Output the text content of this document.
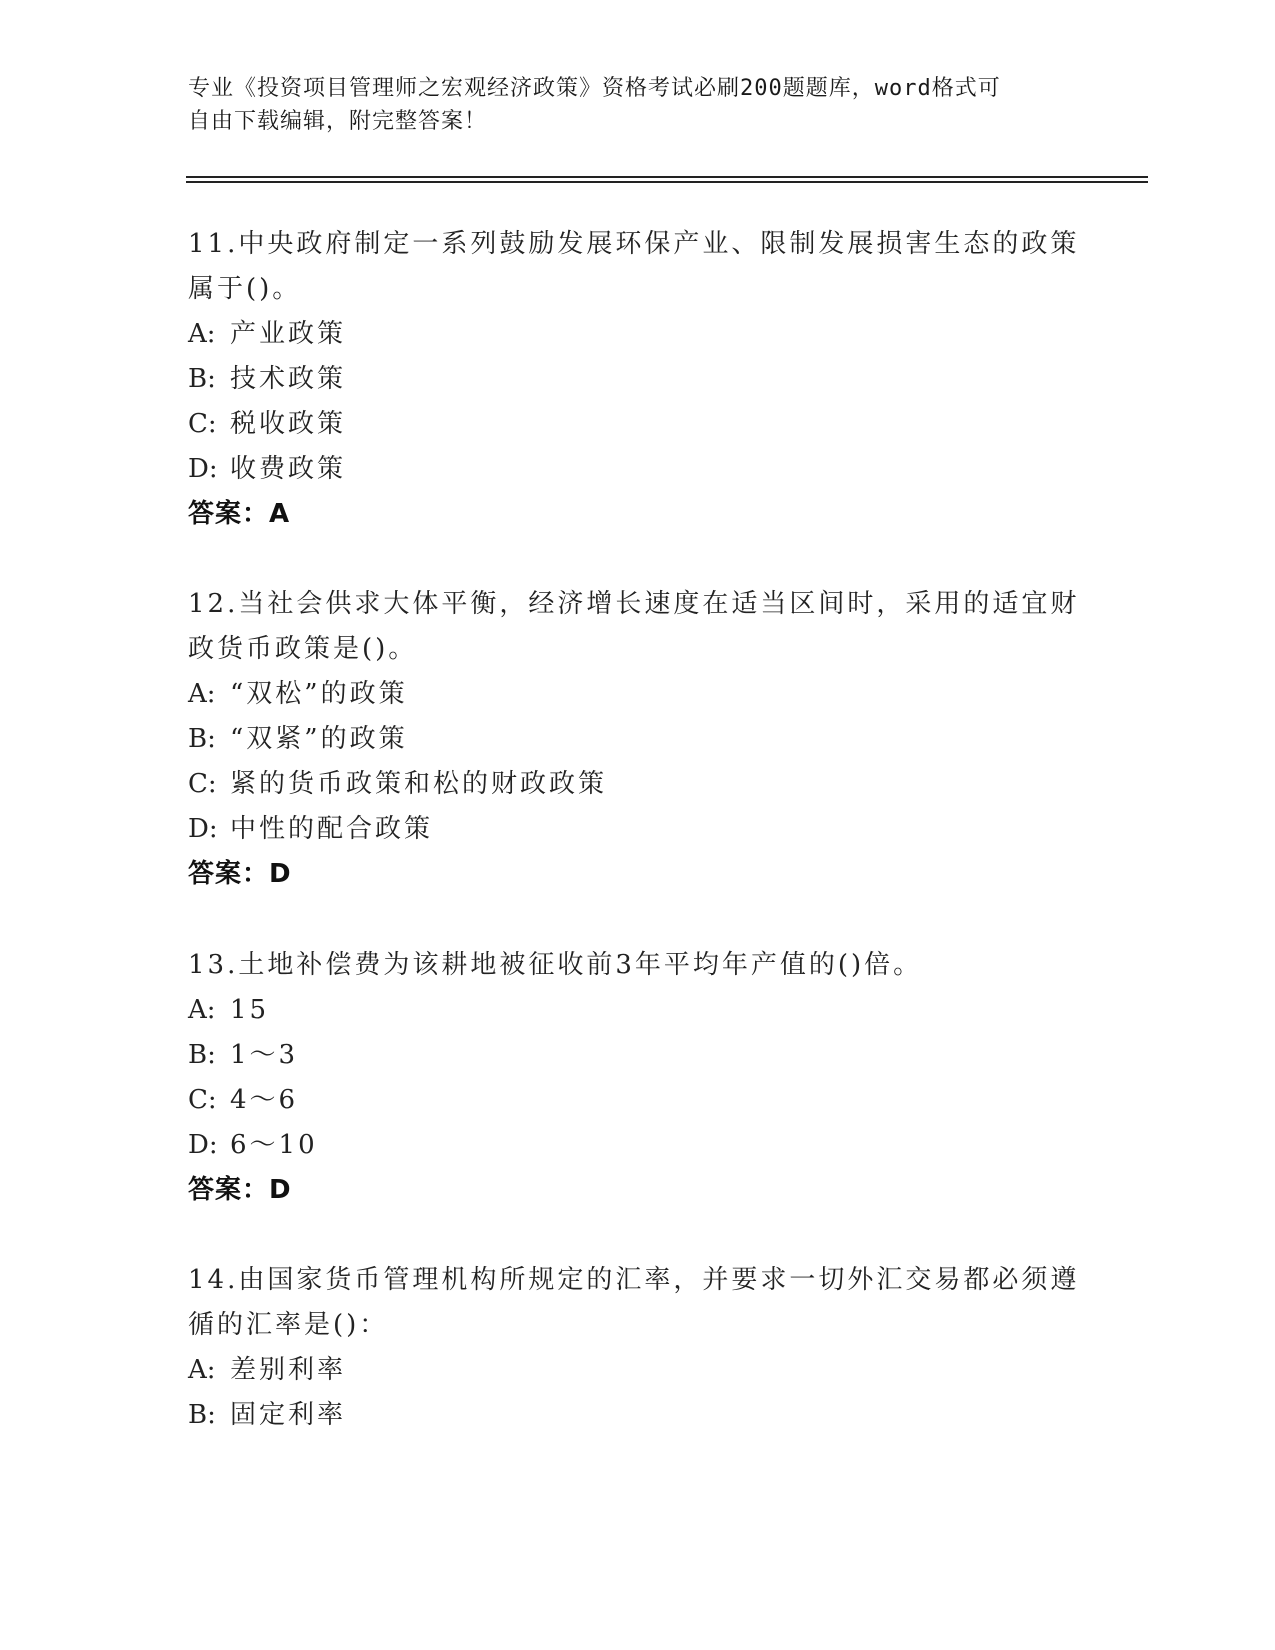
专业《投资项目管理师之宏观经济政策》资格考试必刷200题题库，word格式可
自由下载编辑，附完整答案！
11.中央政府制定一系列鼓励发展环保产业、限制发展损害生态的政策
属于()。
A: 产业政策
B: 技术政策
C: 税收政策
D: 收费政策
答案：A
12.当社会供求大体平衡，经济增长速度在适当区间时，采用的适宜财
政货币政策是()。
A: “双松”的政策
B: “双紧”的政策
C: 紧的货币政策和松的财政政策
D: 中性的配合政策
答案：D
13.土地补偿费为该耕地被征收前3年平均年产值的()倍。
A: 15
B: 1～3
C: 4～6
D: 6～10
答案：D
14.由国家货币管理机构所规定的汇率，并要求一切外汇交易都必须遵
循的汇率是()：
A: 差别利率
B: 固定利率
